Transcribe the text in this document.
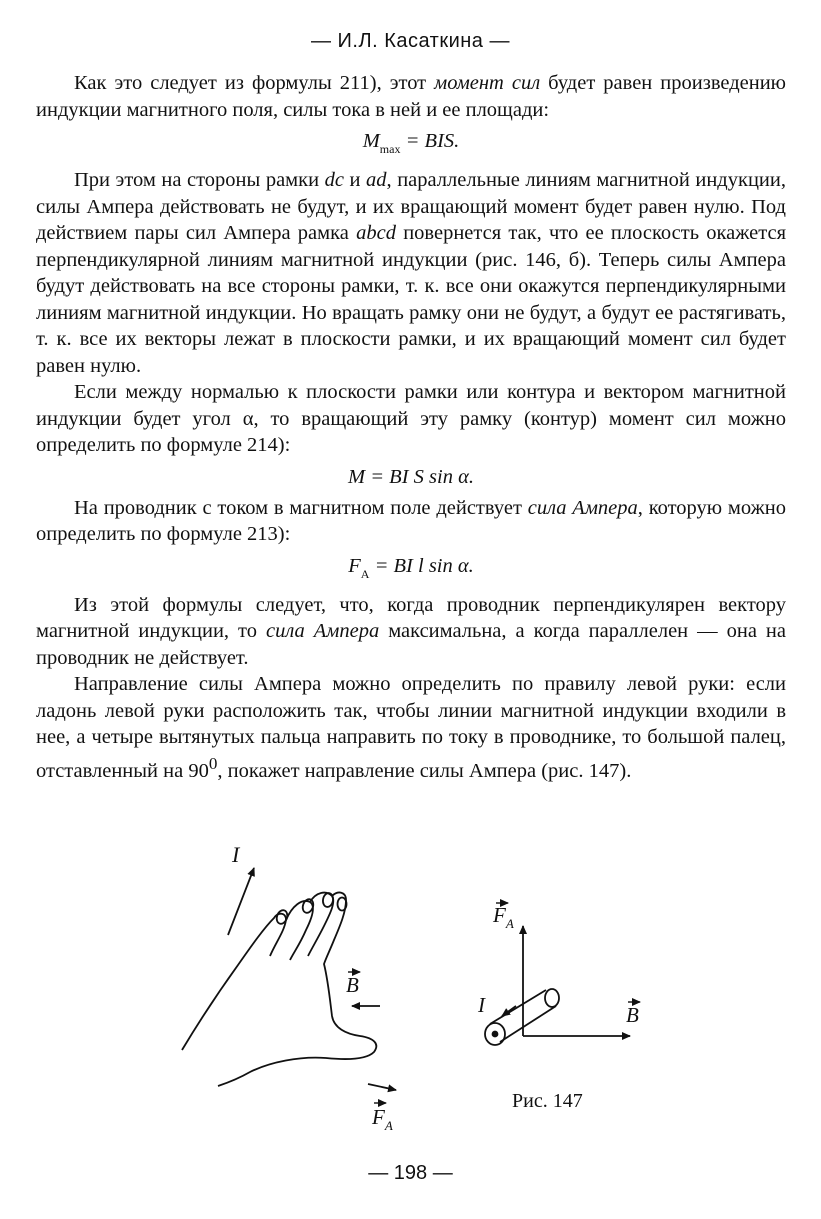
— И.Л. Касаткина —

Как это следует из формулы 211), этот момент сил будет равен произведению индукции магнитного поля, силы тока в ней и ее площади:

$M_{max}$ = BIS.

При этом на стороны рамки dc и ad, параллельные линиям магнитной индукции, силы Ампера действовать не будут, и их вращающий момент будет равен нулю. Под действием пары сил Ампера рамка abcd повернется так, что ее плоскость окажется перпендикулярной линиям магнитной индукции (рис. 146, б). Теперь силы Ампера будут действовать на все стороны рамки, т. к. все они окажутся перпендикулярными линиям магнитной индукции. Но вращать рамку они не будут, а будут ее растягивать, т. к. все их векторы лежат в плоскости рамки, и их вращающий момент сил будет равен нулю.

Если между нормалью к плоскости рамки или контура и вектором магнитной индукции будет угол α, то вращающий эту рамку (контур) момент сил можно определить по формуле 214):

M = BI S sin α.

На проводник с током в магнитном поле действует сила Ампера, которую можно определить по формуле 213):

$F_A$ = BI l sin α.

Из этой формулы следует, что, когда проводник перпендикулярен вектору магнитной индукции, то сила Ампера максимальна, а когда параллелен — она на проводник не действует.

Направление силы Ампера можно определить по правилу левой руки: если ладонь левой руки расположить так, чтобы линии магнитной индукции входили в нее, а четыре вытянутых пальца направить по току в проводнике, то большой палец, отставленный на $90^0$, покажет направление силы Ампера (рис. 147).

I
B
$F_A$
$F_A$
I	B
Рис. 147
— 198 —
